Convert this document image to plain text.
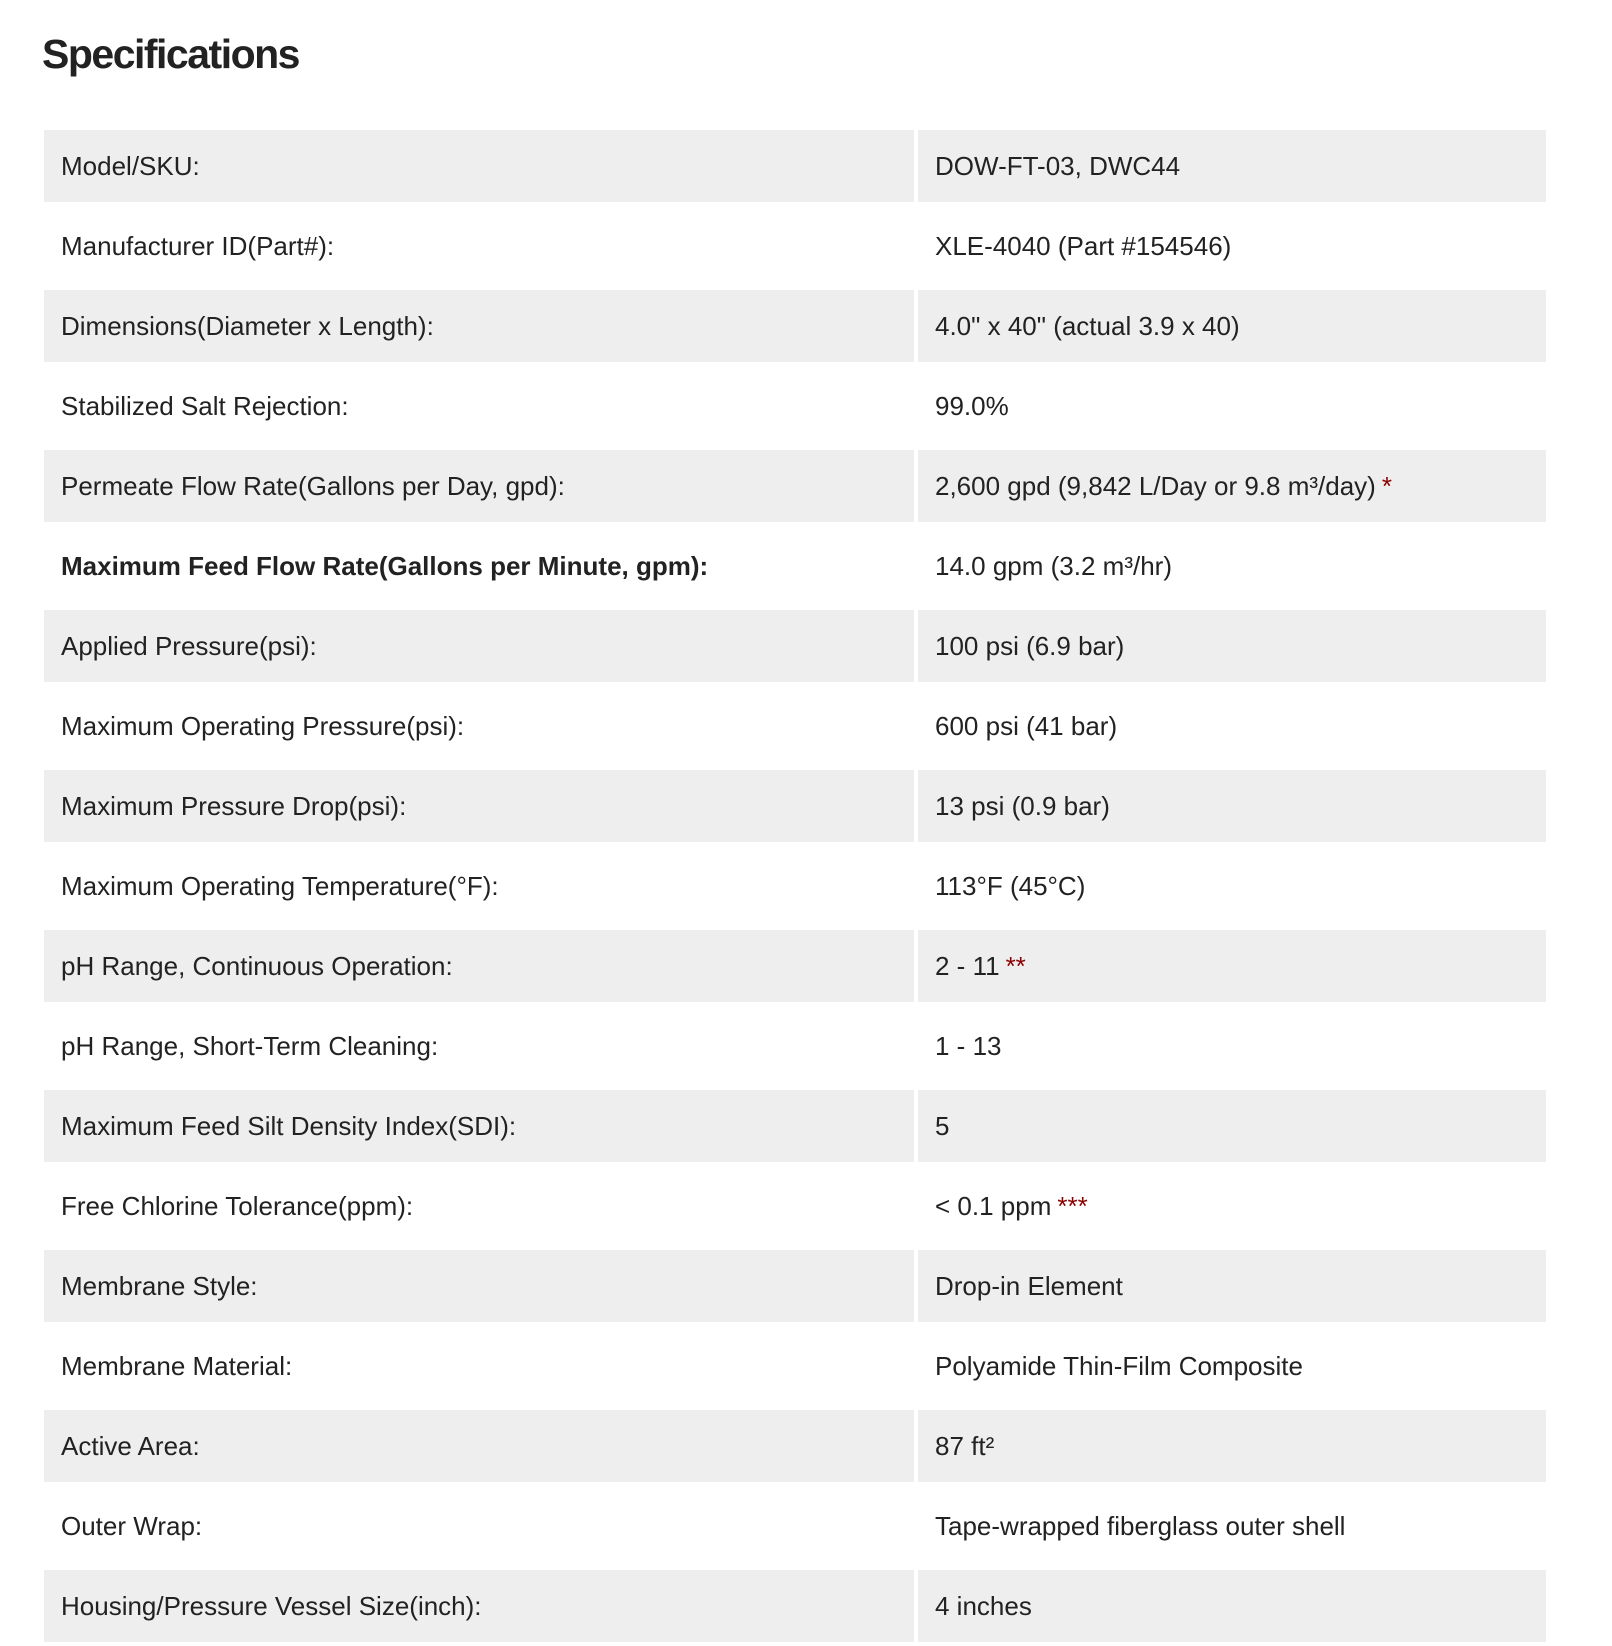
Specifications
Model/SKU:	DOW-FT-03, DWC44
Manufacturer ID(Part#):	XLE-4040 (Part #154546)
Dimensions(Diameter x Length):	4.0" x 40" (actual 3.9 x 40)
Stabilized Salt Rejection:	99.0%
Permeate Flow Rate(Gallons per Day, gpd):	2,600 gpd (9,842 L/Day or 9.8 m³/day) *
Maximum Feed Flow Rate(Gallons per Minute, gpm):	14.0 gpm (3.2 m³/hr)
Applied Pressure(psi):	100 psi (6.9 bar)
Maximum Operating Pressure(psi):	600 psi (41 bar)
Maximum Pressure Drop(psi):	13 psi (0.9 bar)
Maximum Operating Temperature(°F):	113°F (45°C)
pH Range, Continuous Operation:	2 - 11 **
pH Range, Short-Term Cleaning:	1 - 13
Maximum Feed Silt Density Index(SDI):	5
Free Chlorine Tolerance(ppm):	< 0.1 ppm ***
Membrane Style:	Drop-in Element
Membrane Material:	Polyamide Thin-Film Composite
Active Area:	87 ft²
Outer Wrap:	Tape-wrapped fiberglass outer shell
Housing/Pressure Vessel Size(inch):	4 inches
